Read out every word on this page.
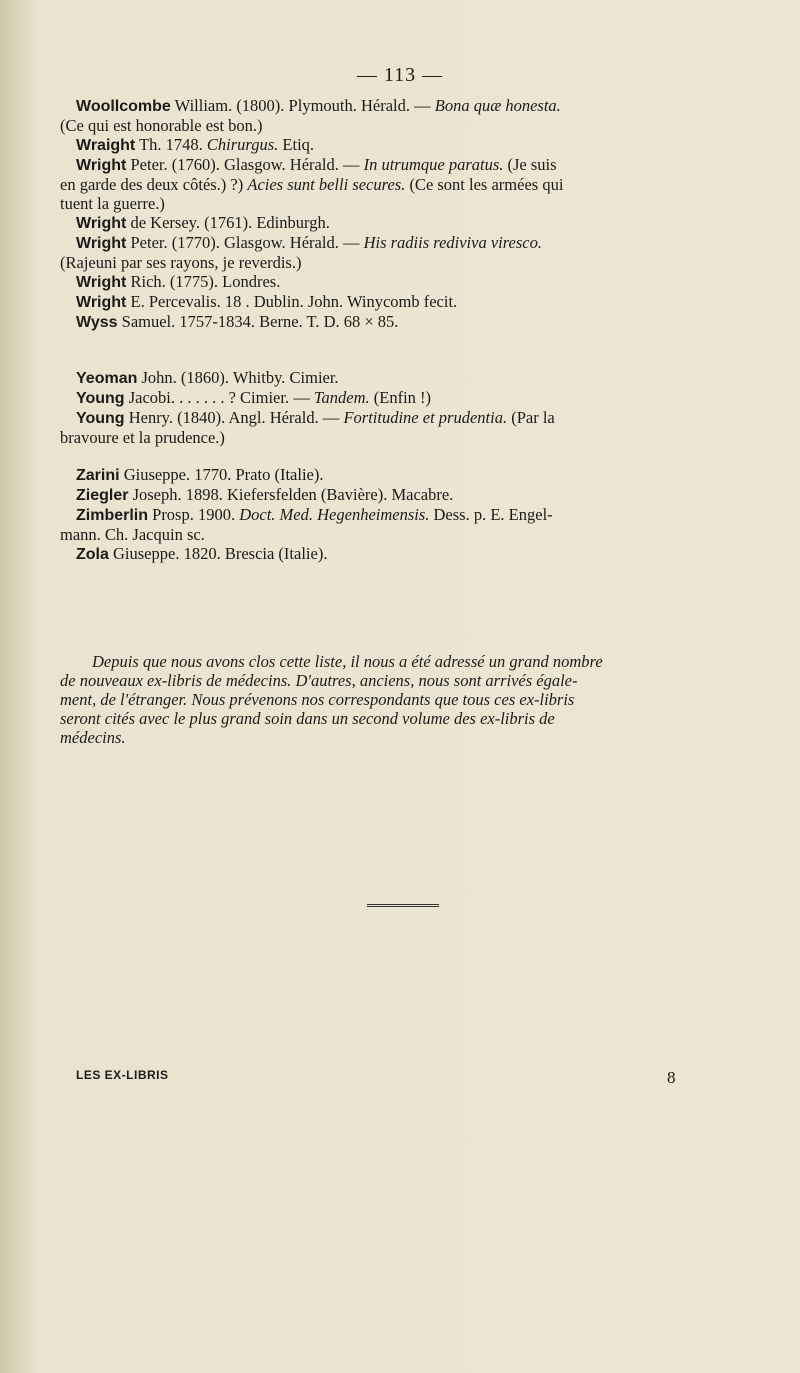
— 113 —
Woollcombe William. (1800). Plymouth. Hérald. — Bona quæ honesta.
(Ce qui est honorable est bon.)
Wraight Th. 1748. Chirurgus. Etiq.
Wright Peter. (1760). Glasgow. Hérald. — In utrumque paratus. (Je suis
en garde des deux côtés.) ?) Acies sunt belli secures. (Ce sont les armées qui
tuent la guerre.)
Wright de Kersey. (1761). Edinburgh.
Wright Peter. (1770). Glasgow. Hérald. — His radiis rediviva viresco.
(Rajeuni par ses rayons, je reverdis.)
Wright Rich. (1775). Londres.
Wright E. Percevalis. 18 . Dublin. John. Winycomb fecit.
Wyss Samuel. 1757-1834. Berne. T. D. 68 × 85.
Yeoman John. (1860). Whitby. Cimier.
Young Jacobi. . . . . . . ? Cimier. — Tandem. (Enfin !)
Young Henry. (1840). Angl. Hérald. — Fortitudine et prudentia. (Par la
bravoure et la prudence.)
Zarini Giuseppe. 1770. Prato (Italie).
Ziegler Joseph. 1898. Kiefersfelden (Bavière). Macabre.
Zimberlin Prosp. 1900. Doct. Med. Hegenheimensis. Dess. p. E. Engel-
mann. Ch. Jacquin sc.
Zola Giuseppe. 1820. Brescia (Italie).
Depuis que nous avons clos cette liste, il nous a été adressé un grand nombre
de nouveaux ex-libris de médecins. D'autres, anciens, nous sont arrivés égale-
ment, de l'étranger. Nous prévenons nos correspondants que tous ces ex-libris
seront cités avec le plus grand soin dans un second volume des ex-libris de
médecins.
LES EX-LIBRIS	8
